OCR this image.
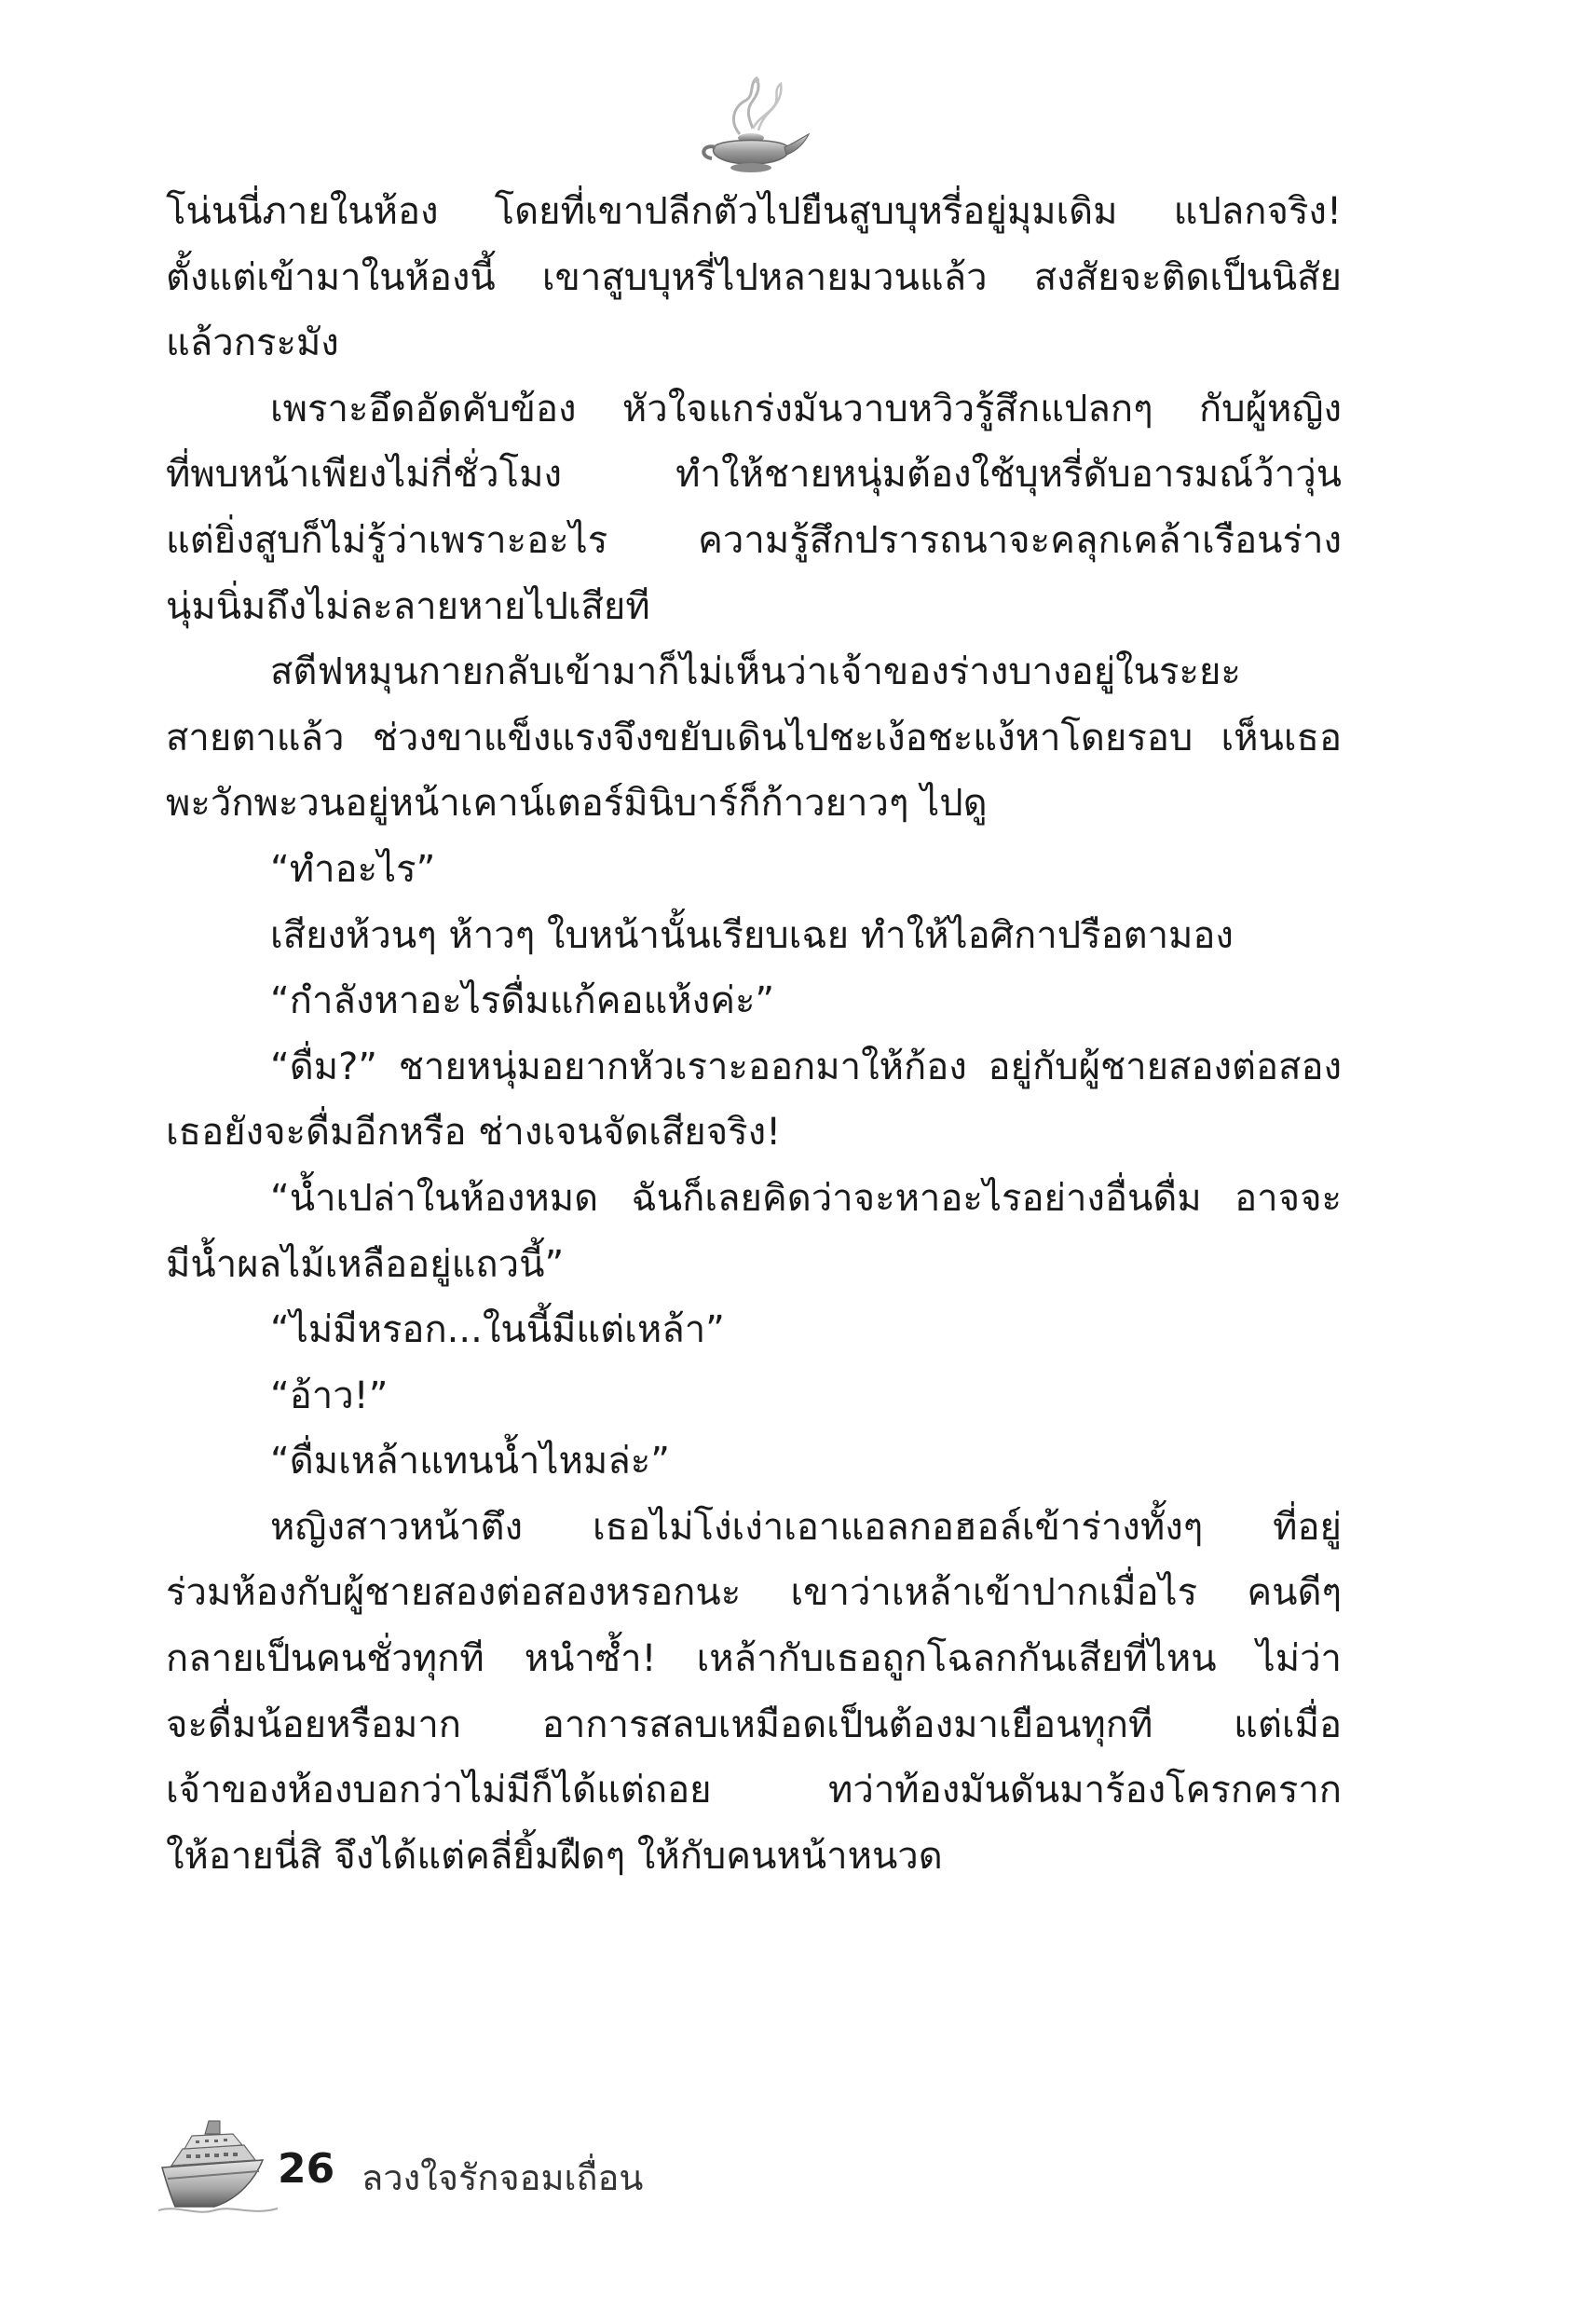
โน่นนี่ภายในห้อง โดยที่เขาปลีกตัวไปยืนสูบบุหรี่อยู่มุมเดิม แปลกจริง!
ตั้งแต่เข้ามาในห้องนี้ เขาสูบบุหรี่ไปหลายมวนแล้ว สงสัยจะติดเป็นนิสัย
แล้วกระมัง
เพราะอึดอัดคับข้อง หัวใจแกร่งมันวาบหวิวรู้สึกแปลกๆ กับผู้หญิง
ที่พบหน้าเพียงไม่กี่ชั่วโมง ทำให้ชายหนุ่มต้องใช้บุหรี่ดับอารมณ์ว้าวุ่น
แต่ยิ่งสูบก็ไม่รู้ว่าเพราะอะไร ความรู้สึกปรารถนาจะคลุกเคล้าเรือนร่าง
นุ่มนิ่มถึงไม่ละลายหายไปเสียที
สตีฟหมุนกายกลับเข้ามาก็ไม่เห็นว่าเจ้าของร่างบางอยู่ในระยะ
สายตาแล้ว ช่วงขาแข็งแรงจึงขยับเดินไปชะเง้อชะแง้หาโดยรอบ เห็นเธอ
พะวักพะวนอยู่หน้าเคาน์เตอร์มินิบาร์ก็ก้าวยาวๆ ไปดู
“ทำอะไร”
เสียงห้วนๆ ห้าวๆ ใบหน้านั้นเรียบเฉย ทำให้ไอศิกาปรือตามอง
“กำลังหาอะไรดื่มแก้คอแห้งค่ะ”
“ดื่ม?” ชายหนุ่มอยากหัวเราะออกมาให้ก้อง อยู่กับผู้ชายสองต่อสอง
เธอยังจะดื่มอีกหรือ ช่างเจนจัดเสียจริง!
“น้ำเปล่าในห้องหมด ฉันก็เลยคิดว่าจะหาอะไรอย่างอื่นดื่ม อาจจะ
มีน้ำผลไม้เหลืออยู่แถวนี้”
“ไม่มีหรอก...ในนี้มีแต่เหล้า”
“อ้าว!”
“ดื่มเหล้าแทนน้ำไหมล่ะ”
หญิงสาวหน้าตึง เธอไม่โง่เง่าเอาแอลกอฮอล์เข้าร่างทั้งๆ ที่อยู่
ร่วมห้องกับผู้ชายสองต่อสองหรอกนะ เขาว่าเหล้าเข้าปากเมื่อไร คนดีๆ
กลายเป็นคนชั่วทุกที หนำซ้ำ! เหล้ากับเธอถูกโฉลกกันเสียที่ไหน ไม่ว่า
จะดื่มน้อยหรือมาก อาการสลบเหมือดเป็นต้องมาเยือนทุกที แต่เมื่อ
เจ้าของห้องบอกว่าไม่มีก็ได้แต่ถอย ทว่าท้องมันดันมาร้องโครกคราก
ให้อายนี่สิ จึงได้แต่คลี่ยิ้มฝืดๆ ให้กับคนหน้าหนวด
26 ลวงใจรักจอมเถื่อน
